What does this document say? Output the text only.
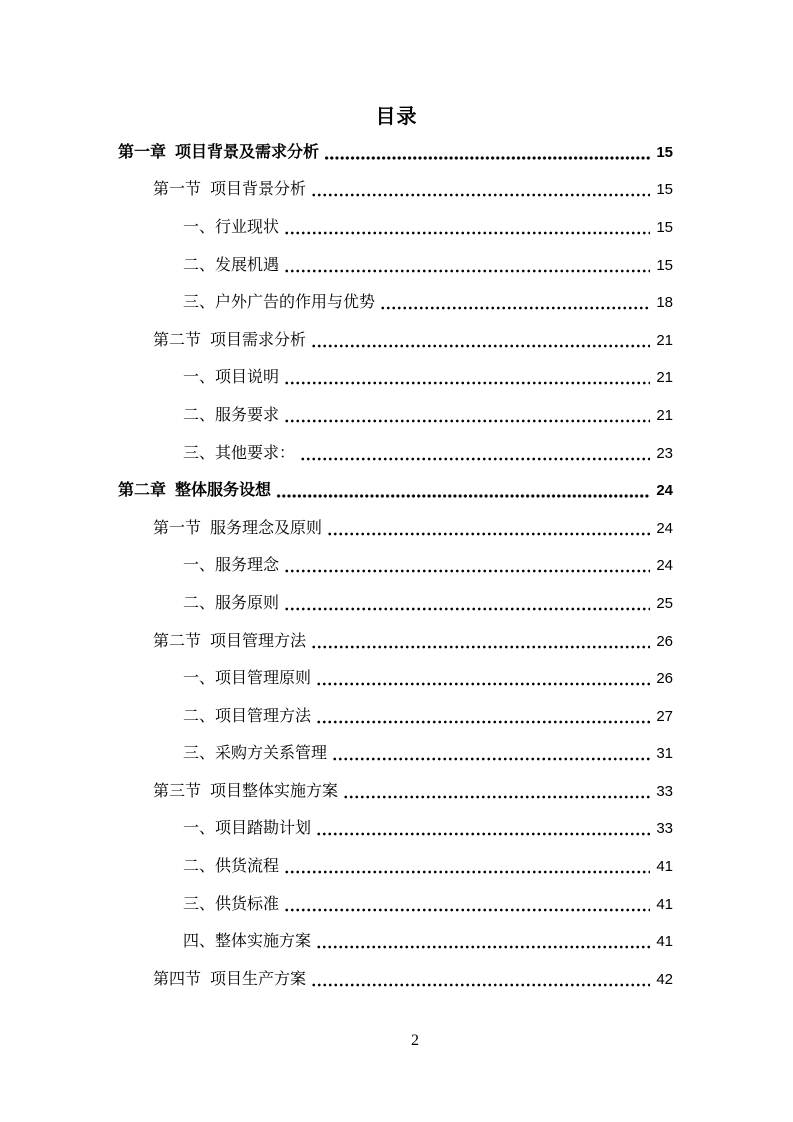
目录
第一章 项目背景及需求分析	15
第一节 项目背景分析	15
一、行业现状	15
二、发展机遇	15
三、户外广告的作用与优势	18
第二节 项目需求分析	21
一、项目说明	21
二、服务要求	21
三、其他要求：	23
第二章 整体服务设想	24
第一节 服务理念及原则	24
一、服务理念	24
二、服务原则	25
第二节 项目管理方法	26
一、项目管理原则	26
二、项目管理方法	27
三、采购方关系管理	31
第三节 项目整体实施方案	33
一、项目踏勘计划	33
二、供货流程	41
三、供货标准	41
四、整体实施方案	41
第四节 项目生产方案	42
2
